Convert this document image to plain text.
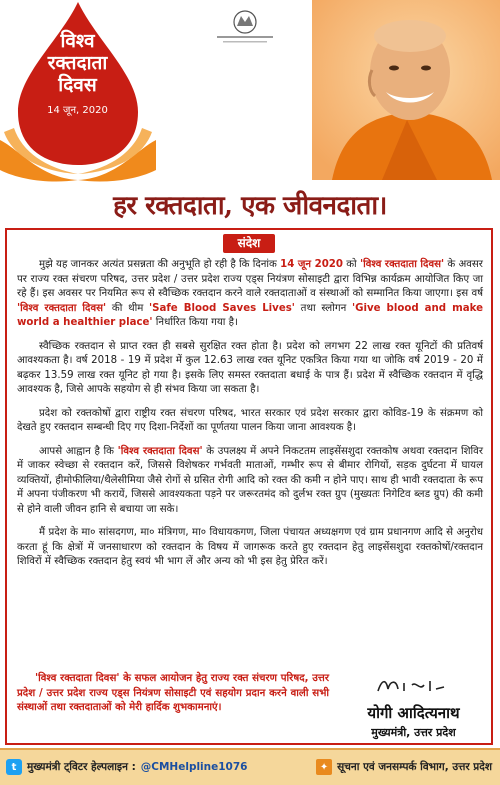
विश्व
रक्तदाता
दिवस
14 जून, 2020
हर रक्तदाता, एक जीवनदाता।
संदेश

मुझे यह जानकर अत्यंत प्रसन्नता की अनुभूति हो रही है कि दिनांक 14 जून 2020 को 'विश्व रक्तदाता दिवस' के अवसर पर राज्य रक्त संचरण परिषद, उत्तर प्रदेश / उत्तर प्रदेश राज्य एड्स नियंत्रण सोसाइटी द्वारा विभिन्न कार्यक्रम आयोजित किए जा रहे हैं। इस अवसर पर नियमित रूप से स्वैच्छिक रक्तदान करने वाले रक्तदाताओं व संस्थाओं को सम्मानित किया जाएगा। इस वर्ष 'विश्व रक्तदाता दिवस' की थीम 'Safe Blood Saves Lives' तथा स्लोगन 'Give blood and make world a healthier place' निर्धारित किया गया है।

स्वैच्छिक रक्तदान से प्राप्त रक्त ही सबसे सुरक्षित रक्त होता है। प्रदेश को लगभग 22 लाख रक्त यूनिटों की प्रतिवर्ष आवश्यकता है। वर्ष 2018 - 19 में प्रदेश में कुल 12.63 लाख रक्त यूनिट एकत्रित किया गया था जोकि वर्ष 2019 - 20 में बढ़कर 13.59 लाख रक्त यूनिट हो गया है। इसके लिए समस्त रक्तदाता बधाई के पात्र हैं। प्रदेश में स्वैच्छिक रक्तदान में वृद्धि आवश्यक है, जिसे आपके सहयोग से ही संभव किया जा सकता है।

प्रदेश को रक्तकोषों द्वारा राष्ट्रीय रक्त संचरण परिषद, भारत सरकार एवं प्रदेश सरकार द्वारा कोविड-19 के संक्रमण को देखते हुए रक्तदान सम्बन्धी दिए गए दिशा-निर्देशों का पूर्णतया पालन किया जाना आवश्यक है।

आपसे आह्वान है कि 'विश्व रक्तदाता दिवस' के उपलक्ष्य में अपने निकटतम लाइसेंसशुदा रक्तकोष अथवा रक्तदान शिविर में जाकर स्वेच्छा से रक्तदान करें, जिससे विशेषकर गर्भवती माताओं, गम्भीर रूप से बीमार रोगियों, सड़क दुर्घटना में घायल व्यक्तियों, हीमोफीलिया/थैलेसीमिया जैसे रोगों से ग्रसित रोगी आदि को रक्त की कमी न होने पाए। साथ ही भावी रक्तदाता के रूप में अपना पंजीकरण भी करायें, जिससे आवश्यकता पड़ने पर जरूरतमंद को दुर्लभ रक्त ग्रुप (मुख्यतः निगेटिव ब्लड ग्रुप) की कमी से होने वाली जीवन हानि से बचाया जा सके।

मैं प्रदेश के मा० सांसदगण, मा० मंत्रिगण, मा० विधायकगण, जिला पंचायत अध्यक्षगण एवं ग्राम प्रधानगण आदि से अनुरोध करता हूं कि क्षेत्रों में जनसाधारण को रक्तदान के विषय में जागरूक करते हुए रक्तदान हेतु लाइसेंसशुदा रक्तकोषों/रक्तदान शिविरों में स्वैच्छिक रक्तदान हेतु स्वयं भी भाग लें और अन्य को भी इस हेतु प्रेरित करें।

'विश्व रक्तदाता दिवस' के सफल आयोजन हेतु राज्य रक्त संचरण परिषद, उत्तर प्रदेश / उत्तर प्रदेश राज्य एड्स नियंत्रण सोसाइटी एवं सहयोग प्रदान करने वाली सभी संस्थाओं तथा रक्तदाताओं को मेरी हार्दिक शुभकामनाएं।	योगी आदित्यनाथ
मुख्यमंत्री, उत्तर प्रदेश
t	मुख्यमंत्री ट्विटर हेल्पलाइन : @CMHelpline1076	✦ सूचना एवं जनसम्पर्क विभाग, उत्तर प्रदेश
